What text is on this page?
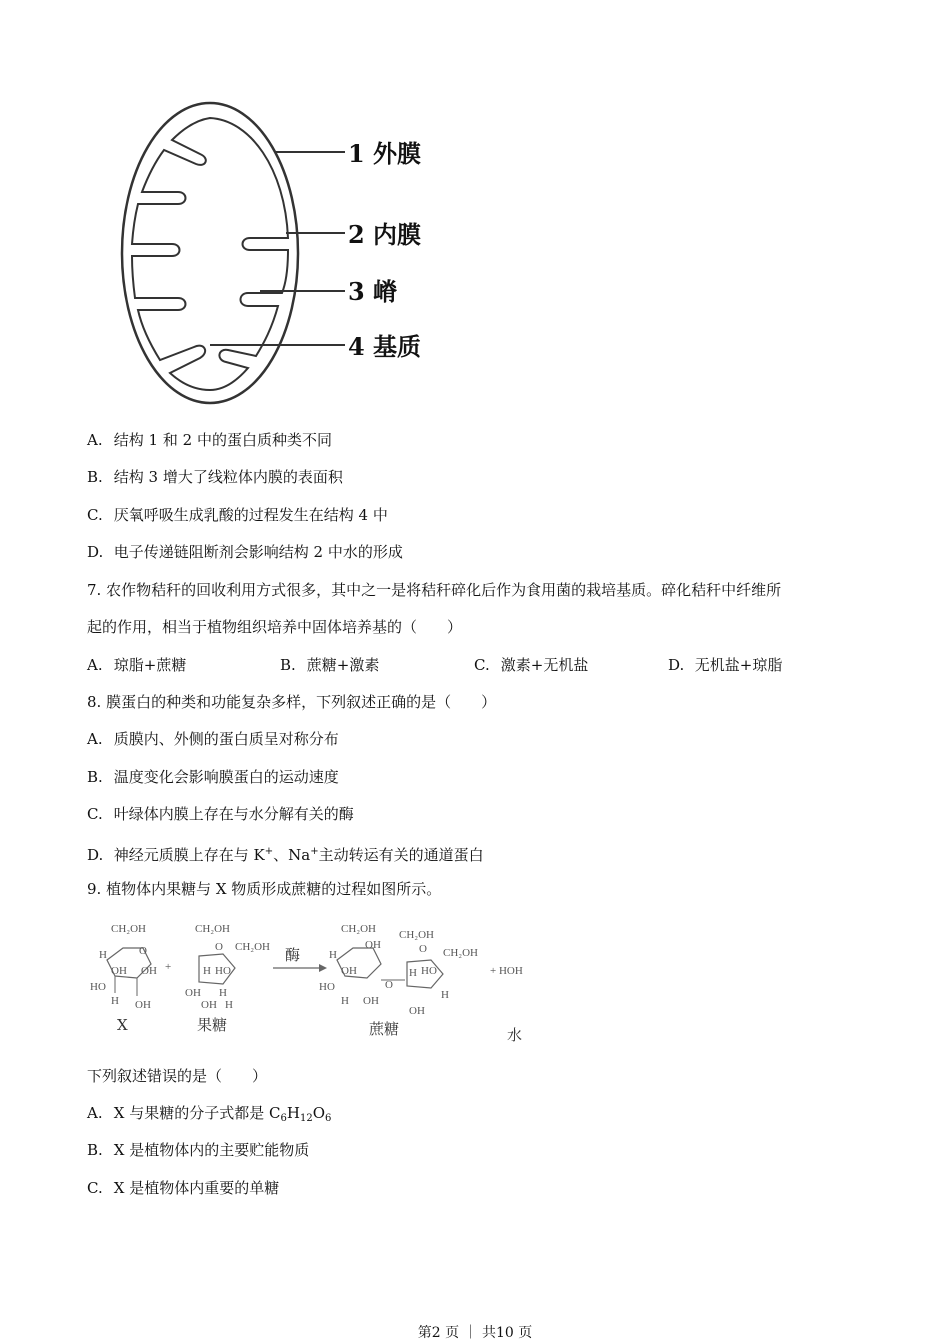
1 外膜
2 内膜
3 嵴
4 基质
A. 结构 1 和 2 中的蛋白质种类不同
B. 结构 3 增大了线粒体内膜的表面积
C. 厌氧呼吸生成乳酸的过程发生在结构 4 中
D. 电子传递链阻断剂会影响结构 2 中水的形成
7. 农作物秸秆的回收利用方式很多，其中之一是将秸秆碎化后作为食用菌的栽培基质。碎化秸秆中纤维所
起的作用，相当于植物组织培养中固体培养基的（　　）
A. 琼脂+蔗糖	B. 蔗糖+激素	C. 激素+无机盐	D. 无机盐+琼脂
8. 膜蛋白的种类和功能复杂多样，下列叙述正确的是（　　）
A. 质膜内、外侧的蛋白质呈对称分布
B. 温度变化会影响膜蛋白的运动速度
C. 叶绿体内膜上存在与水分解有关的酶
D. 神经元质膜上存在与 K+、Na+主动转运有关的通道蛋白
9. 植物体内果糖与 X 物质形成蔗糖的过程如图所示。
CH₂OH
O
H
OH OH
HO
H OH
X
+
CH₂OH
O CH₂OH
H HO
OH H
OH H
果糖
酶
CH₂OH
OH
H
OH
HO
H OH
O
CH₂OH
O CH₂OH
H HO
OH
H
蔗糖
+ HOH
水
下列叙述错误的是（　　）
A. X 与果糖的分子式都是 $C_6H_{12}O_6$
B. X 是植物体内的主要贮能物质
C. X 是植物体内重要的单糖
第2 页 ｜ 共10 页
